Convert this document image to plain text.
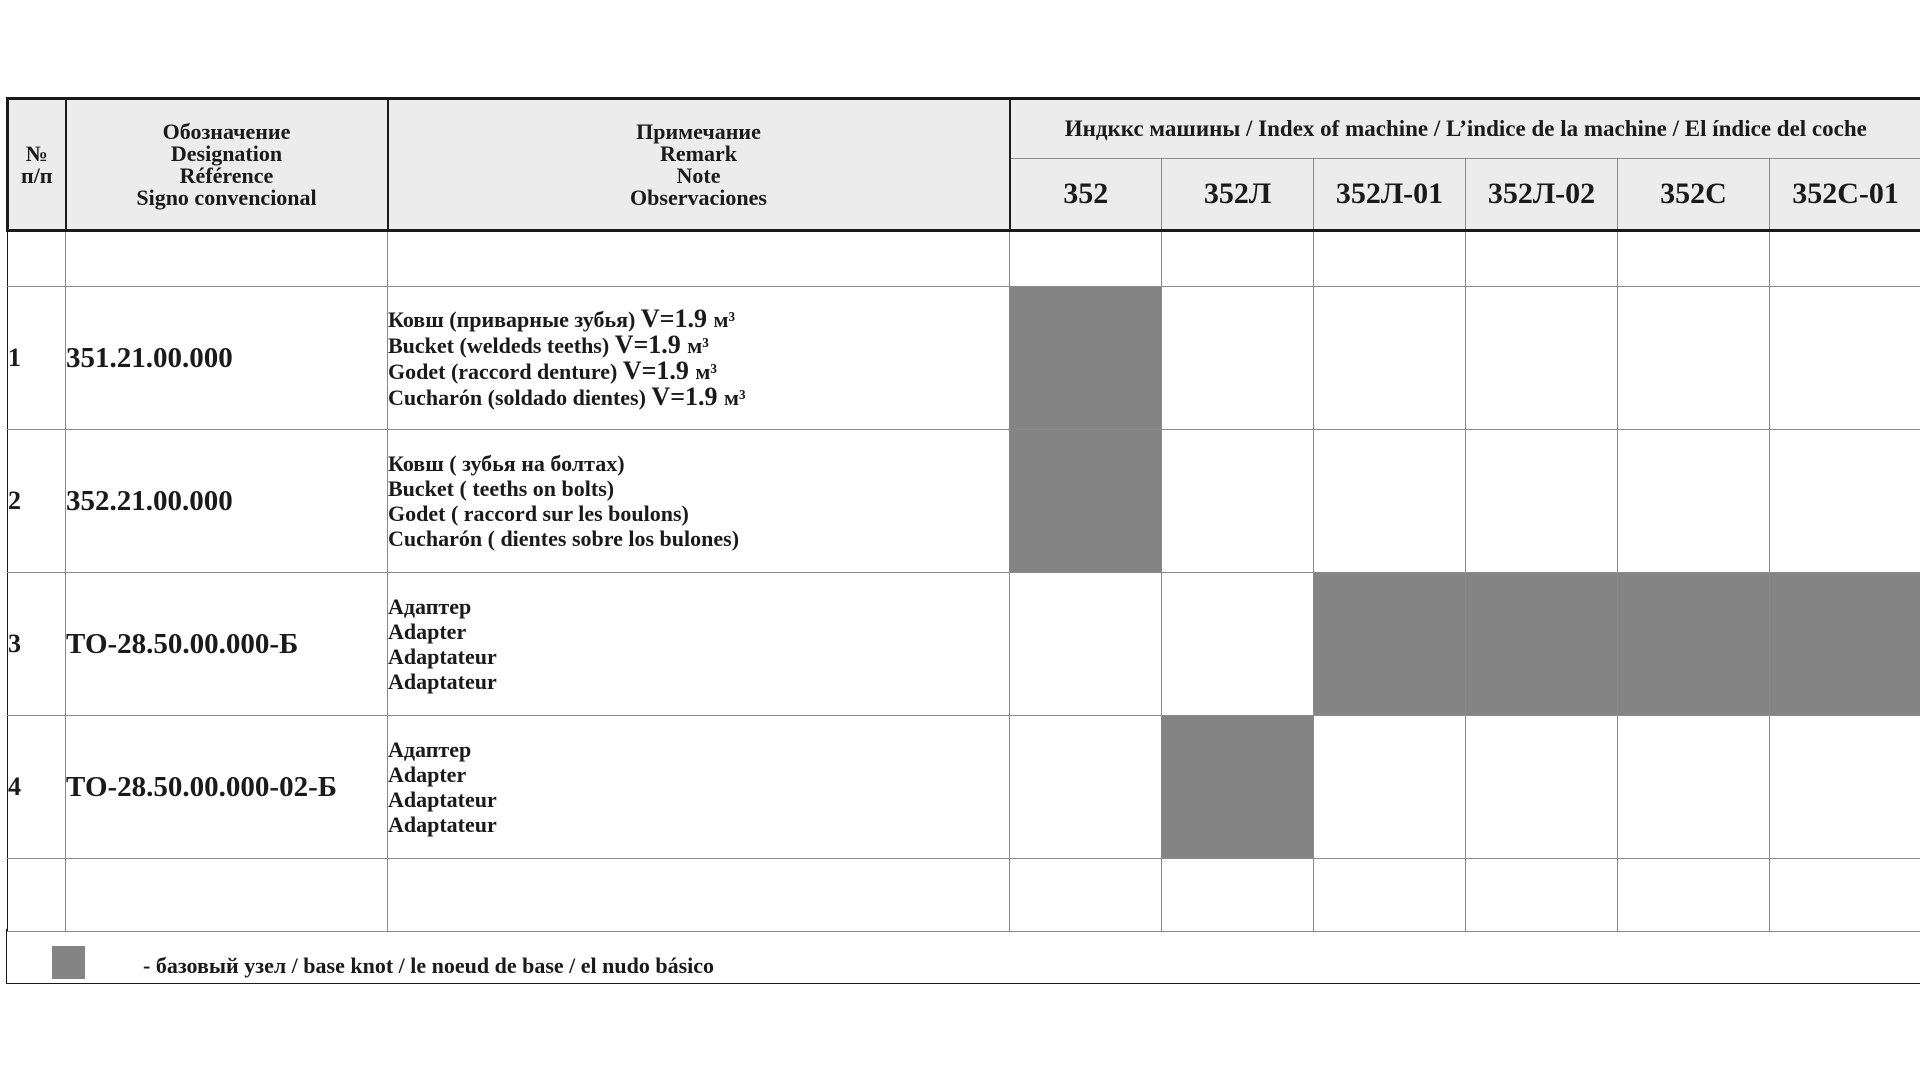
№
п/п	Обозначение
Designation
Référence
Signo convencional	Примечание
Remark
Note
Observaciones	Индккс машины / Index of machine / L’indice de la machine / El índice del coche					
			352	352Л	352Л-01	352Л-02	352С	352С-01

1	351.21.00.000	Ковш (приварные зубья) V=1.9 м³
Bucket (weldeds teeths) V=1.9 м³
Godet (raccord denture) V=1.9 м³
Cucharón (soldado dientes) V=1.9 м³						

2	352.21.00.000	Ковш ( зубья на болтах)
Bucket ( teeths on bolts)
Godet ( raccord sur les boulons)
Cucharón ( dientes sobre los bulones)						

3	ТО-28.50.00.000-Б	Адаптер
Adapter
Adaptateur
Adaptateur						

4	ТО-28.50.00.000-02-Б	Адаптер
Adapter
Adaptateur
Adaptateur						

- базовый узел / base knot / le noeud de base / el nudo básico
